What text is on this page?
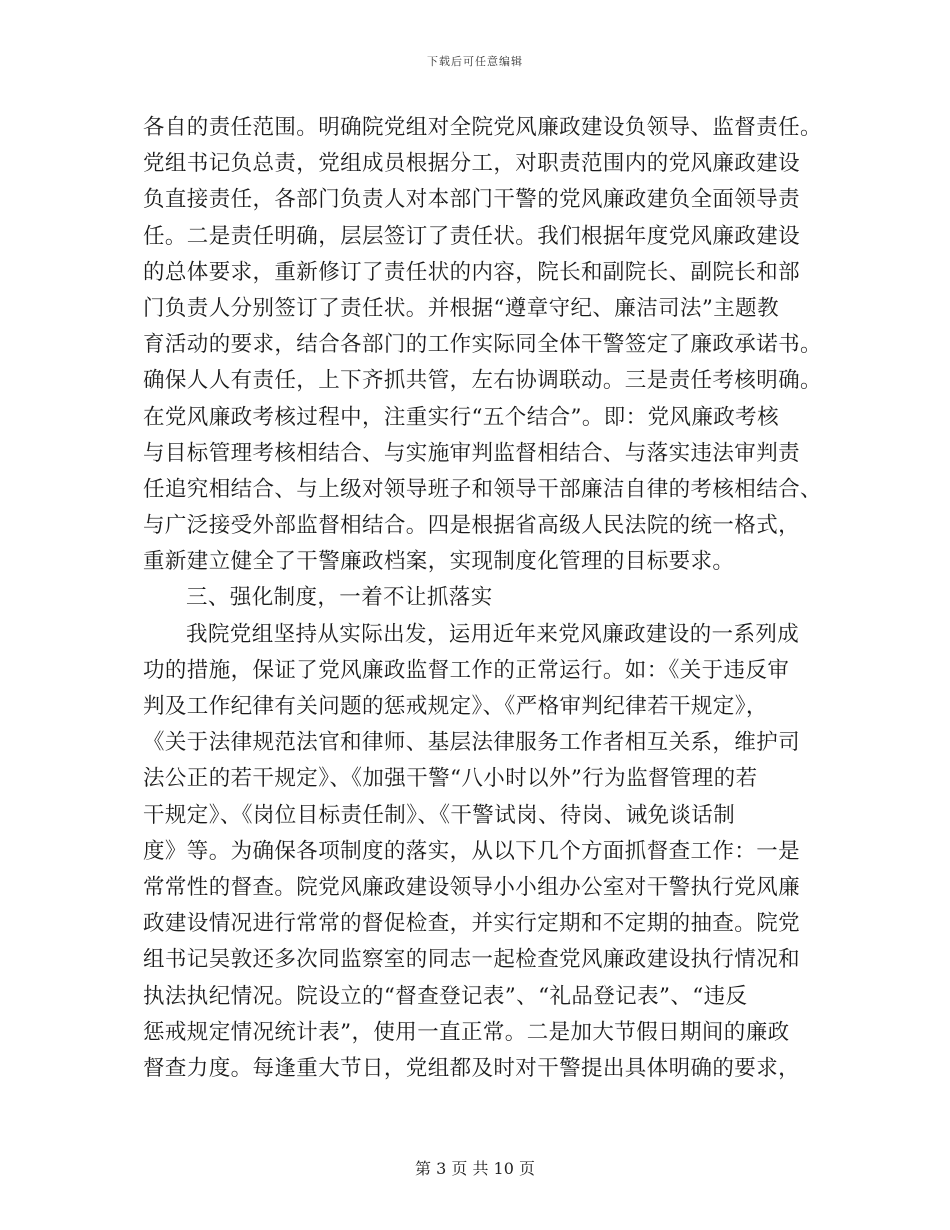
下载后可任意编辑
各自的责任范围。明确院党组对全院党风廉政建设负领导、监督责任。
党组书记负总责，党组成员根据分工，对职责范围内的党风廉政建设
负直接责任，各部门负责人对本部门干警的党风廉政建负全面领导责
任。二是责任明确，层层签订了责任状。我们根据年度党风廉政建设
的总体要求，重新修订了责任状的内容，院长和副院长、副院长和部
门负责人分别签订了责任状。并根据“遵章守纪、廉洁司法”主题教
育活动的要求，结合各部门的工作实际同全体干警签定了廉政承诺书。
确保人人有责任，上下齐抓共管，左右协调联动。三是责任考核明确。
在党风廉政考核过程中，注重实行“五个结合”。即：党风廉政考核
与目标管理考核相结合、与实施审判监督相结合、与落实违法审判责
任追究相结合、与上级对领导班子和领导干部廉洁自律的考核相结合、
与广泛接受外部监督相结合。四是根据省高级人民法院的统一格式，
重新建立健全了干警廉政档案，实现制度化管理的目标要求。
三、强化制度，一着不让抓落实
我院党组坚持从实际出发，运用近年来党风廉政建设的一系列成
功的措施，保证了党风廉政监督工作的正常运行。如：《关于违反审
判及工作纪律有关问题的惩戒规定》、《严格审判纪律若干规定》，
《关于法律规范法官和律师、基层法律服务工作者相互关系，维护司
法公正的若干规定》、《加强干警“八小时以外”行为监督管理的若
干规定》、《岗位目标责任制》、《干警试岗、待岗、诫免谈话制
度》等。为确保各项制度的落实，从以下几个方面抓督查工作：一是
常常性的督查。院党风廉政建设领导小小组办公室对干警执行党风廉
政建设情况进行常常的督促检查，并实行定期和不定期的抽查。院党
组书记吴敦还多次同监察室的同志一起检查党风廉政建设执行情况和
执法执纪情况。院设立的“督查登记表”、“礼品登记表”、“违反
惩戒规定情况统计表”，使用一直正常。二是加大节假日期间的廉政
督查力度。每逢重大节日，党组都及时对干警提出具体明确的要求，
第 3 页 共 10 页
